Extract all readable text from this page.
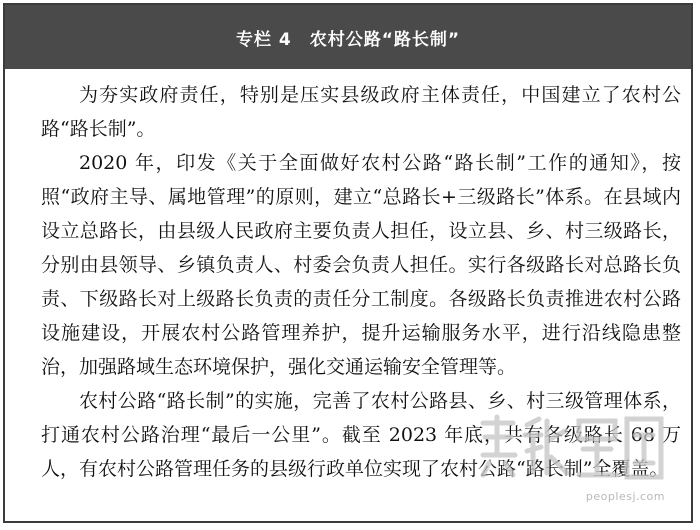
专栏 4　农村公路“路长制”

为夯实政府责任，特别是压实县级政府主体责任，中国建立了农村公路“路长制”。

2020 年，印发《关于全面做好农村公路“路长制”工作的通知》，按照“政府主导、属地管理”的原则，建立“总路长+三级路长”体系。在县域内设立总路长，由县级人民政府主要负责人担任，设立县、乡、村三级路长，分别由县领导、乡镇负责人、村委会负责人担任。实行各级路长对总路长负责、下级路长对上级路长负责的责任分工制度。各级路长负责推进农村公路设施建设，开展农村公路管理养护，提升运输服务水平，进行沿线隐患整治，加强路域生态环境保护，强化交通运输安全管理等。

农村公路“路长制”的实施，完善了农村公路县、乡、村三级管理体系，打通农村公路治理“最后一公里”。截至 2023 年底，共有各级路长 68 万人，有农村公路管理任务的县级行政单位实现了农村公路“路长制”全覆盖。

peoplesj.com
